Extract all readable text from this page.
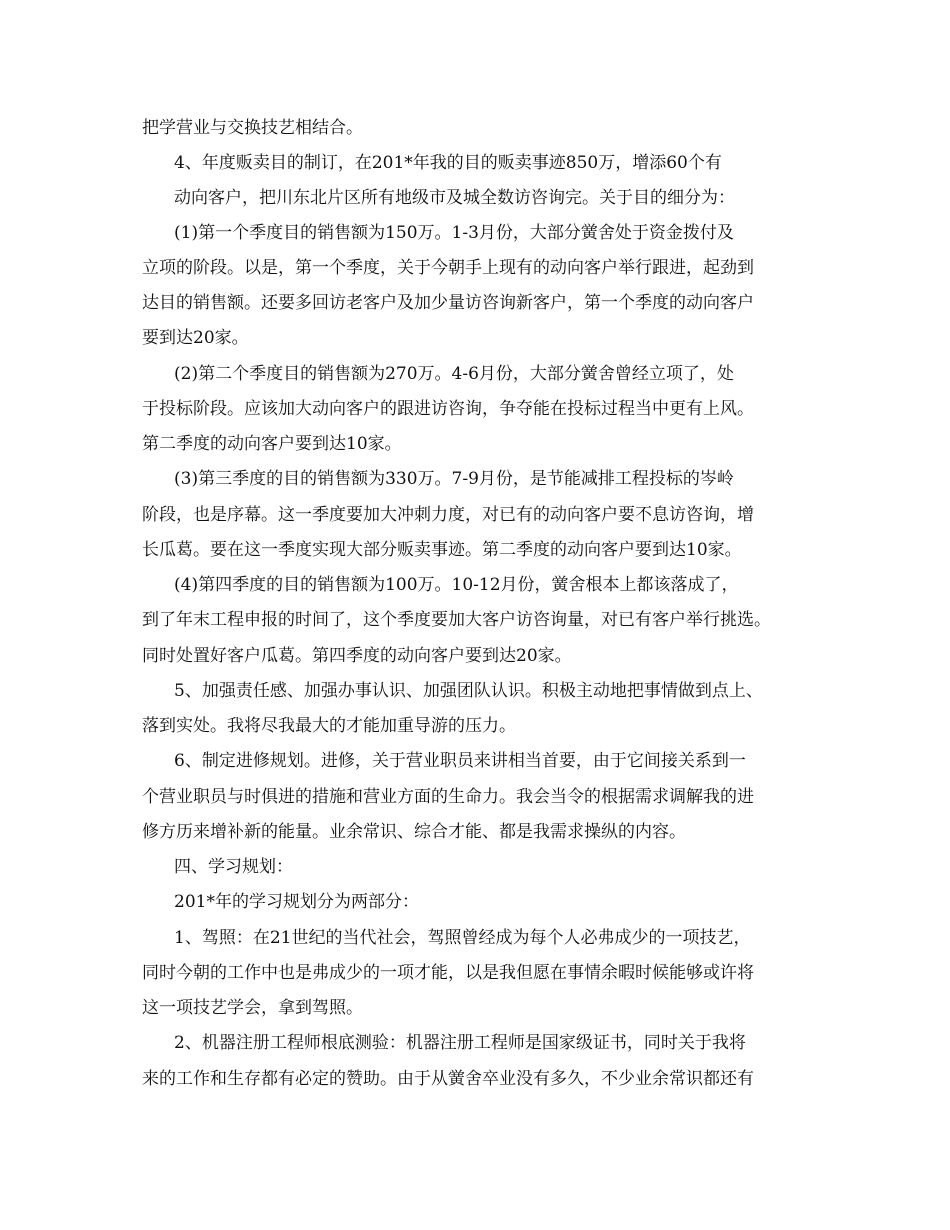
把学营业与交换技艺相结合。
4、年度贩卖目的制订，在201*年我的目的贩卖事迹850万，增添60个有
动向客户，把川东北片区所有地级市及城全数访咨询完。关于目的细分为：
(1)第一个季度目的销售额为150万。1-3月份，大部分黉舍处于资金拨付及
立项的阶段。以是，第一个季度，关于今朝手上现有的动向客户举行跟进，起劲到
达目的销售额。还要多回访老客户及加少量访咨询新客户，第一个季度的动向客户
要到达20家。
(2)第二个季度目的销售额为270万。4-6月份，大部分黉舍曾经立项了，处
于投标阶段。应该加大动向客户的跟进访咨询，争夺能在投标过程当中更有上风。
第二季度的动向客户要到达10家。
(3)第三季度的目的销售额为330万。7-9月份，是节能减排工程投标的岑岭
阶段，也是序幕。这一季度要加大冲刺力度，对已有的动向客户要不息访咨询，增
长瓜葛。要在这一季度实现大部分贩卖事迹。第二季度的动向客户要到达10家。
(4)第四季度的目的销售额为100万。10-12月份，黉舍根本上都该落成了，
到了年末工程申报的时间了，这个季度要加大客户访咨询量，对已有客户举行挑选。
同时处置好客户瓜葛。第四季度的动向客户要到达20家。
5、加强责任感、加强办事认识、加强团队认识。积极主动地把事情做到点上、
落到实处。我将尽我最大的才能加重导游的压力。
6、制定进修规划。进修，关于营业职员来讲相当首要，由于它间接关系到一
个营业职员与时俱进的措施和营业方面的生命力。我会当令的根据需求调解我的进
修方历来增补新的能量。业余常识、综合才能、都是我需求操纵的内容。
四、学习规划：
201*年的学习规划分为两部分：
1、驾照：在21世纪的当代社会，驾照曾经成为每个人必弗成少的一项技艺，
同时今朝的工作中也是弗成少的一项才能，以是我但愿在事情余暇时候能够或许将
这一项技艺学会，拿到驾照。
2、机器注册工程师根底测验：机器注册工程师是国家级证书，同时关于我将
来的工作和生存都有必定的赞助。由于从黉舍卒业没有多久，不少业余常识都还有
